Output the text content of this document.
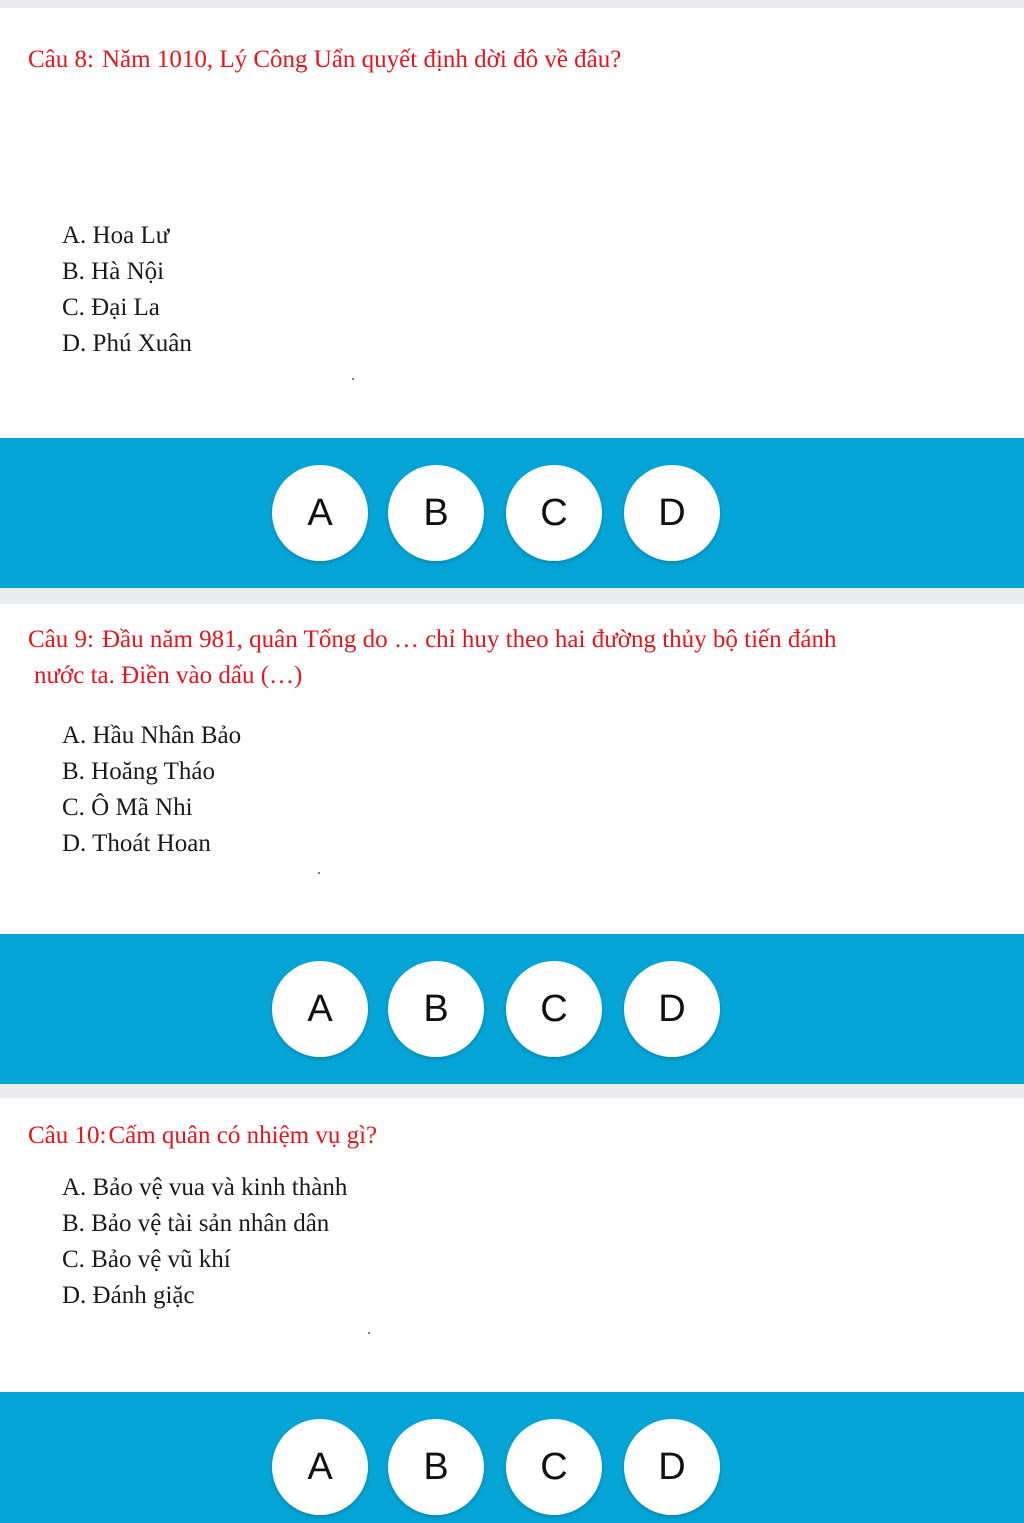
Câu 8: Năm 1010, Lý Công Uẩn quyết định dời đô về đâu?
A. Hoa Lư
B. Hà Nội
C. Đại La
D. Phú Xuân
A	B	C	D
Câu 9: Đầu năm 981, quân Tống do … chỉ huy theo hai đường thủy bộ tiến đánh
nước ta. Điền vào dấu (…)
A. Hầu Nhân Bảo
B. Hoăng Tháo
C. Ô Mã Nhi
D. Thoát Hoan
A	B	C	D
Câu 10:Cấm quân có nhiệm vụ gì?
A. Bảo vệ vua và kinh thành
B. Bảo vệ tài sản nhân dân
C. Bảo vệ vũ khí
D. Đánh giặc
A	B	C	D
